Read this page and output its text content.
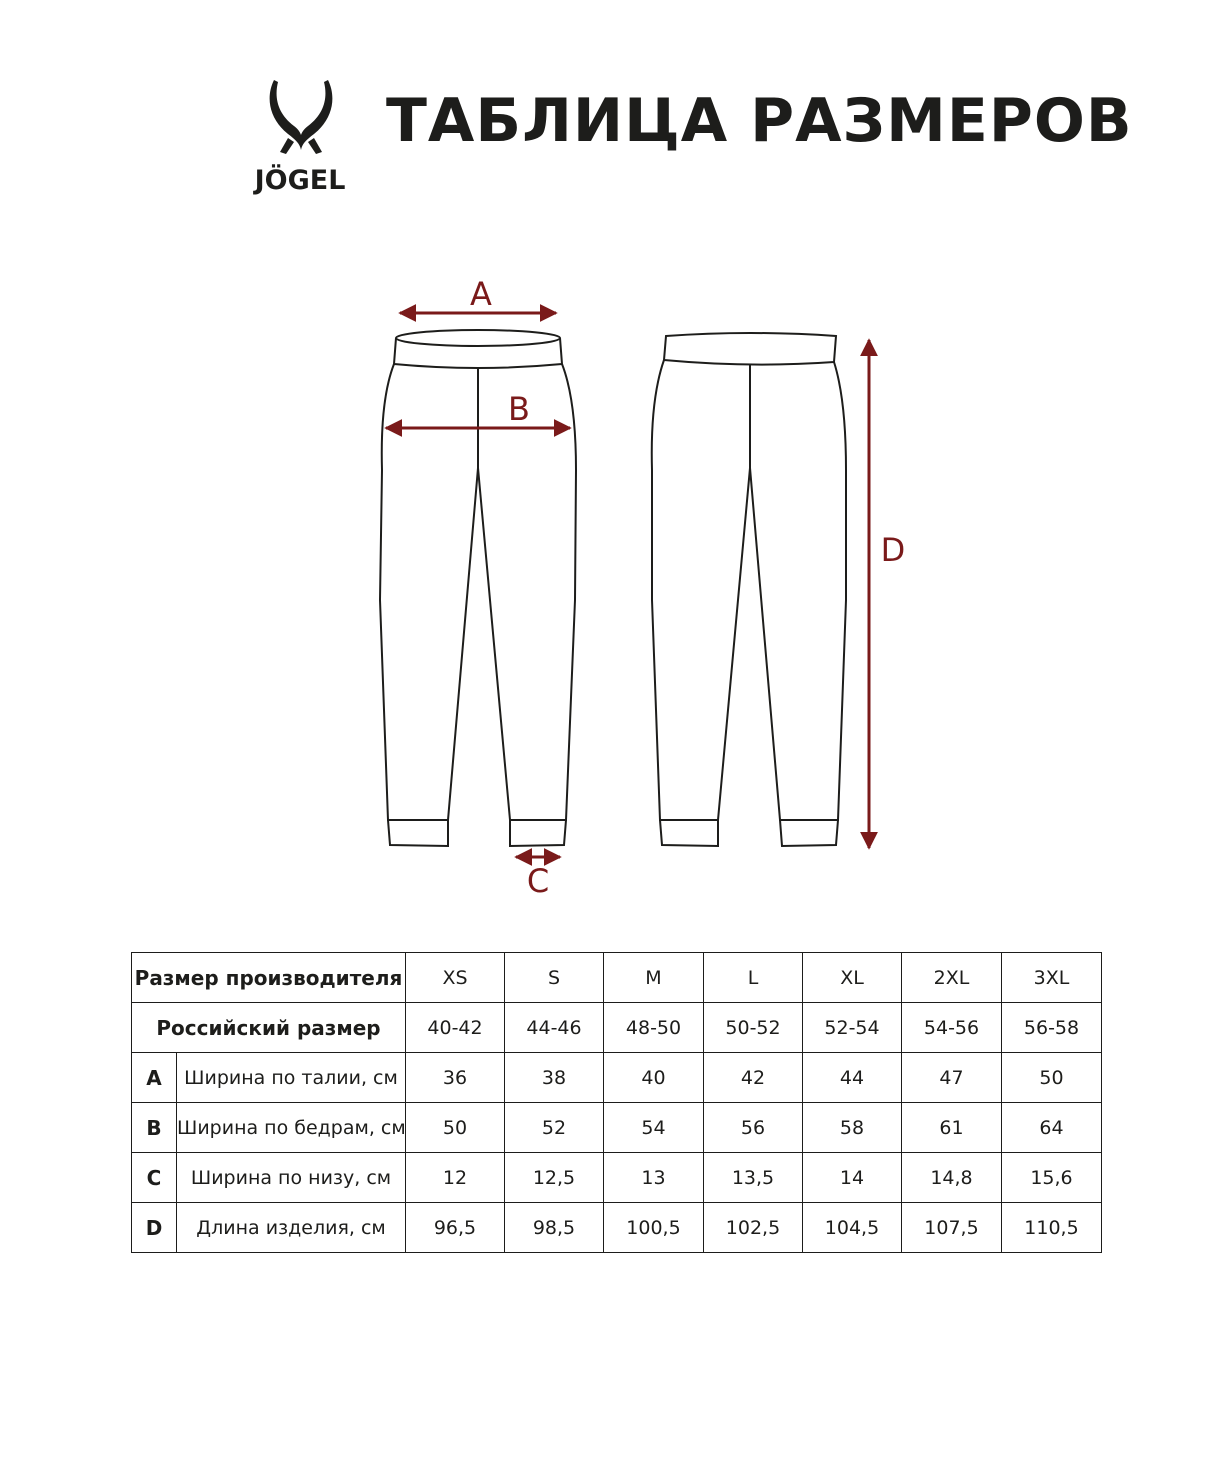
JÖGEL
ТАБЛИЦА РАЗМЕРОВ
A
B
C
D
Размер производителя		XS	S	M	L	XL	2XL	3XL
Российский размер		40-42	44-46	48-50	50-52	52-54	54-56	56-58
A	Ширина по талии, см	36	38	40	42	44	47	50
B	Ширина по бедрам, см	50	52	54	56	58	61	64
C	Ширина по низу, см	12	12,5	13	13,5	14	14,8	15,6
D	Длина изделия, см	96,5	98,5	100,5	102,5	104,5	107,5	110,5
